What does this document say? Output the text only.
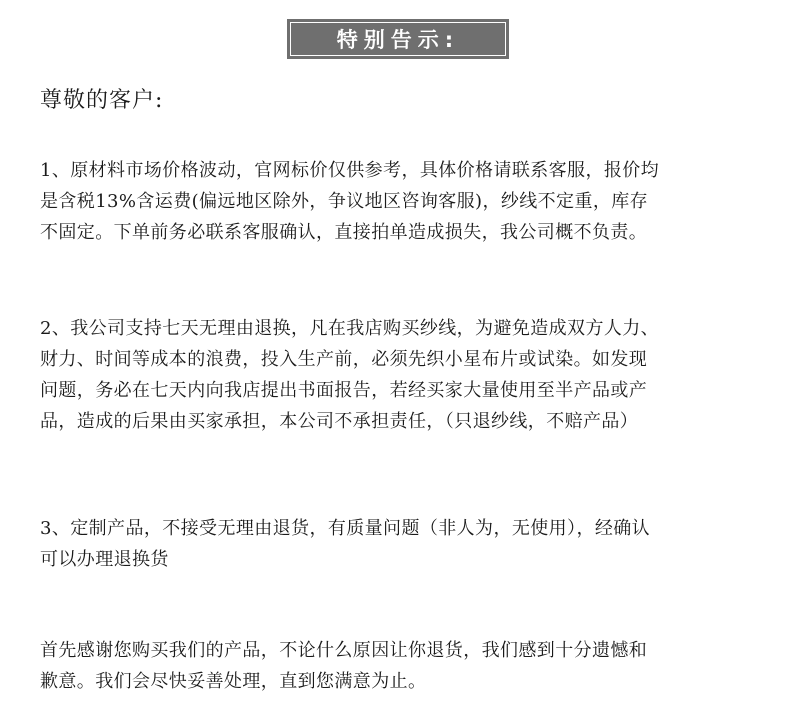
特别告示:
尊敬的客户:
1、原材料市场价格波动，官网标价仅供参考，具体价格请联系客服，报价均
是含税13%含运费(偏远地区除外，争议地区咨询客服)，纱线不定重，库存
不固定。下单前务必联系客服确认，直接拍单造成损失，我公司概不负责。
2、我公司支持七天无理由退换，凡在我店购买纱线，为避免造成双方人力、
财力、时间等成本的浪费，投入生产前，必须先织小星布片或试染。如发现
问题，务必在七天内向我店提出书面报告，若经买家大量使用至半产品或产
品，造成的后果由买家承担，本公司不承担责任，（只退纱线，不赔产品）
3、定制产品，不接受无理由退货，有质量问题（非人为，无使用），经确认
可以办理退换货
首先感谢您购买我们的产品，不论什么原因让你退货，我们感到十分遗憾和
歉意。我们会尽快妥善处理，直到您满意为止。
